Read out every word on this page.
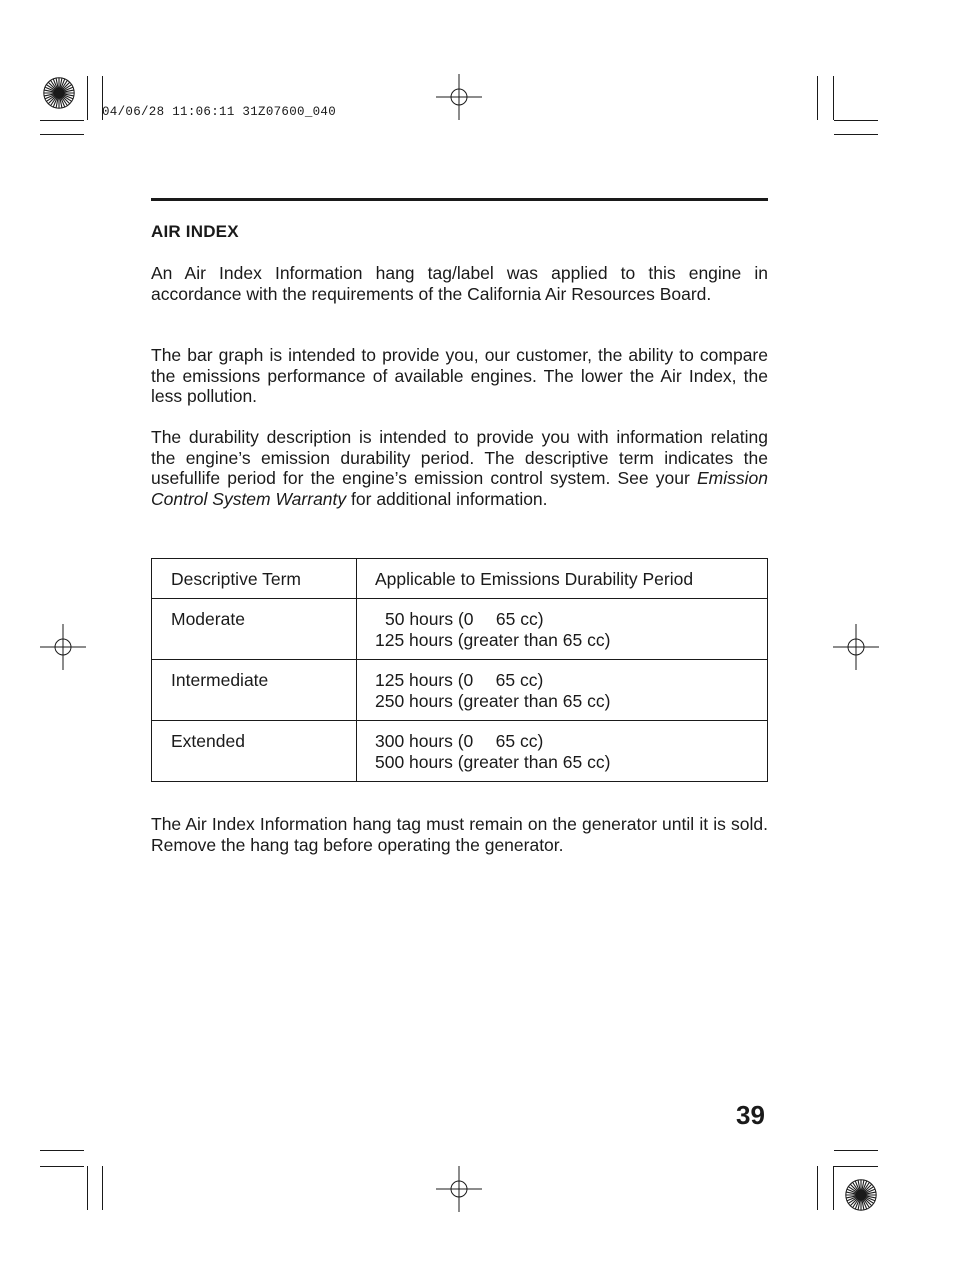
04/06/28 11:06:11 31Z07600_040
AIR INDEX

An Air Index Information hang tag/label was applied to this engine in accordance with the requirements of the California Air Resources Board.

The bar graph is intended to provide you, our customer, the ability to compare the emissions performance of available engines. The lower the Air Index, the less pollution.

The durability description is intended to provide you with information relating the engine’s emission durability period. The descriptive term indicates the usefullife period for the engine’s emission control system. See your Emission Control System Warranty for additional information.

Descriptive Term	Applicable to Emissions Durability Period
Moderate	50 hours (0  65 cc)
125 hours (greater than 65 cc)

Intermediate	125 hours (0  65 cc)
250 hours (greater than 65 cc)

Extended	300 hours (0  65 cc)
500 hours (greater than 65 cc)

The Air Index Information hang tag must remain on the generator until it is sold. Remove the hang tag before operating the generator.

39
